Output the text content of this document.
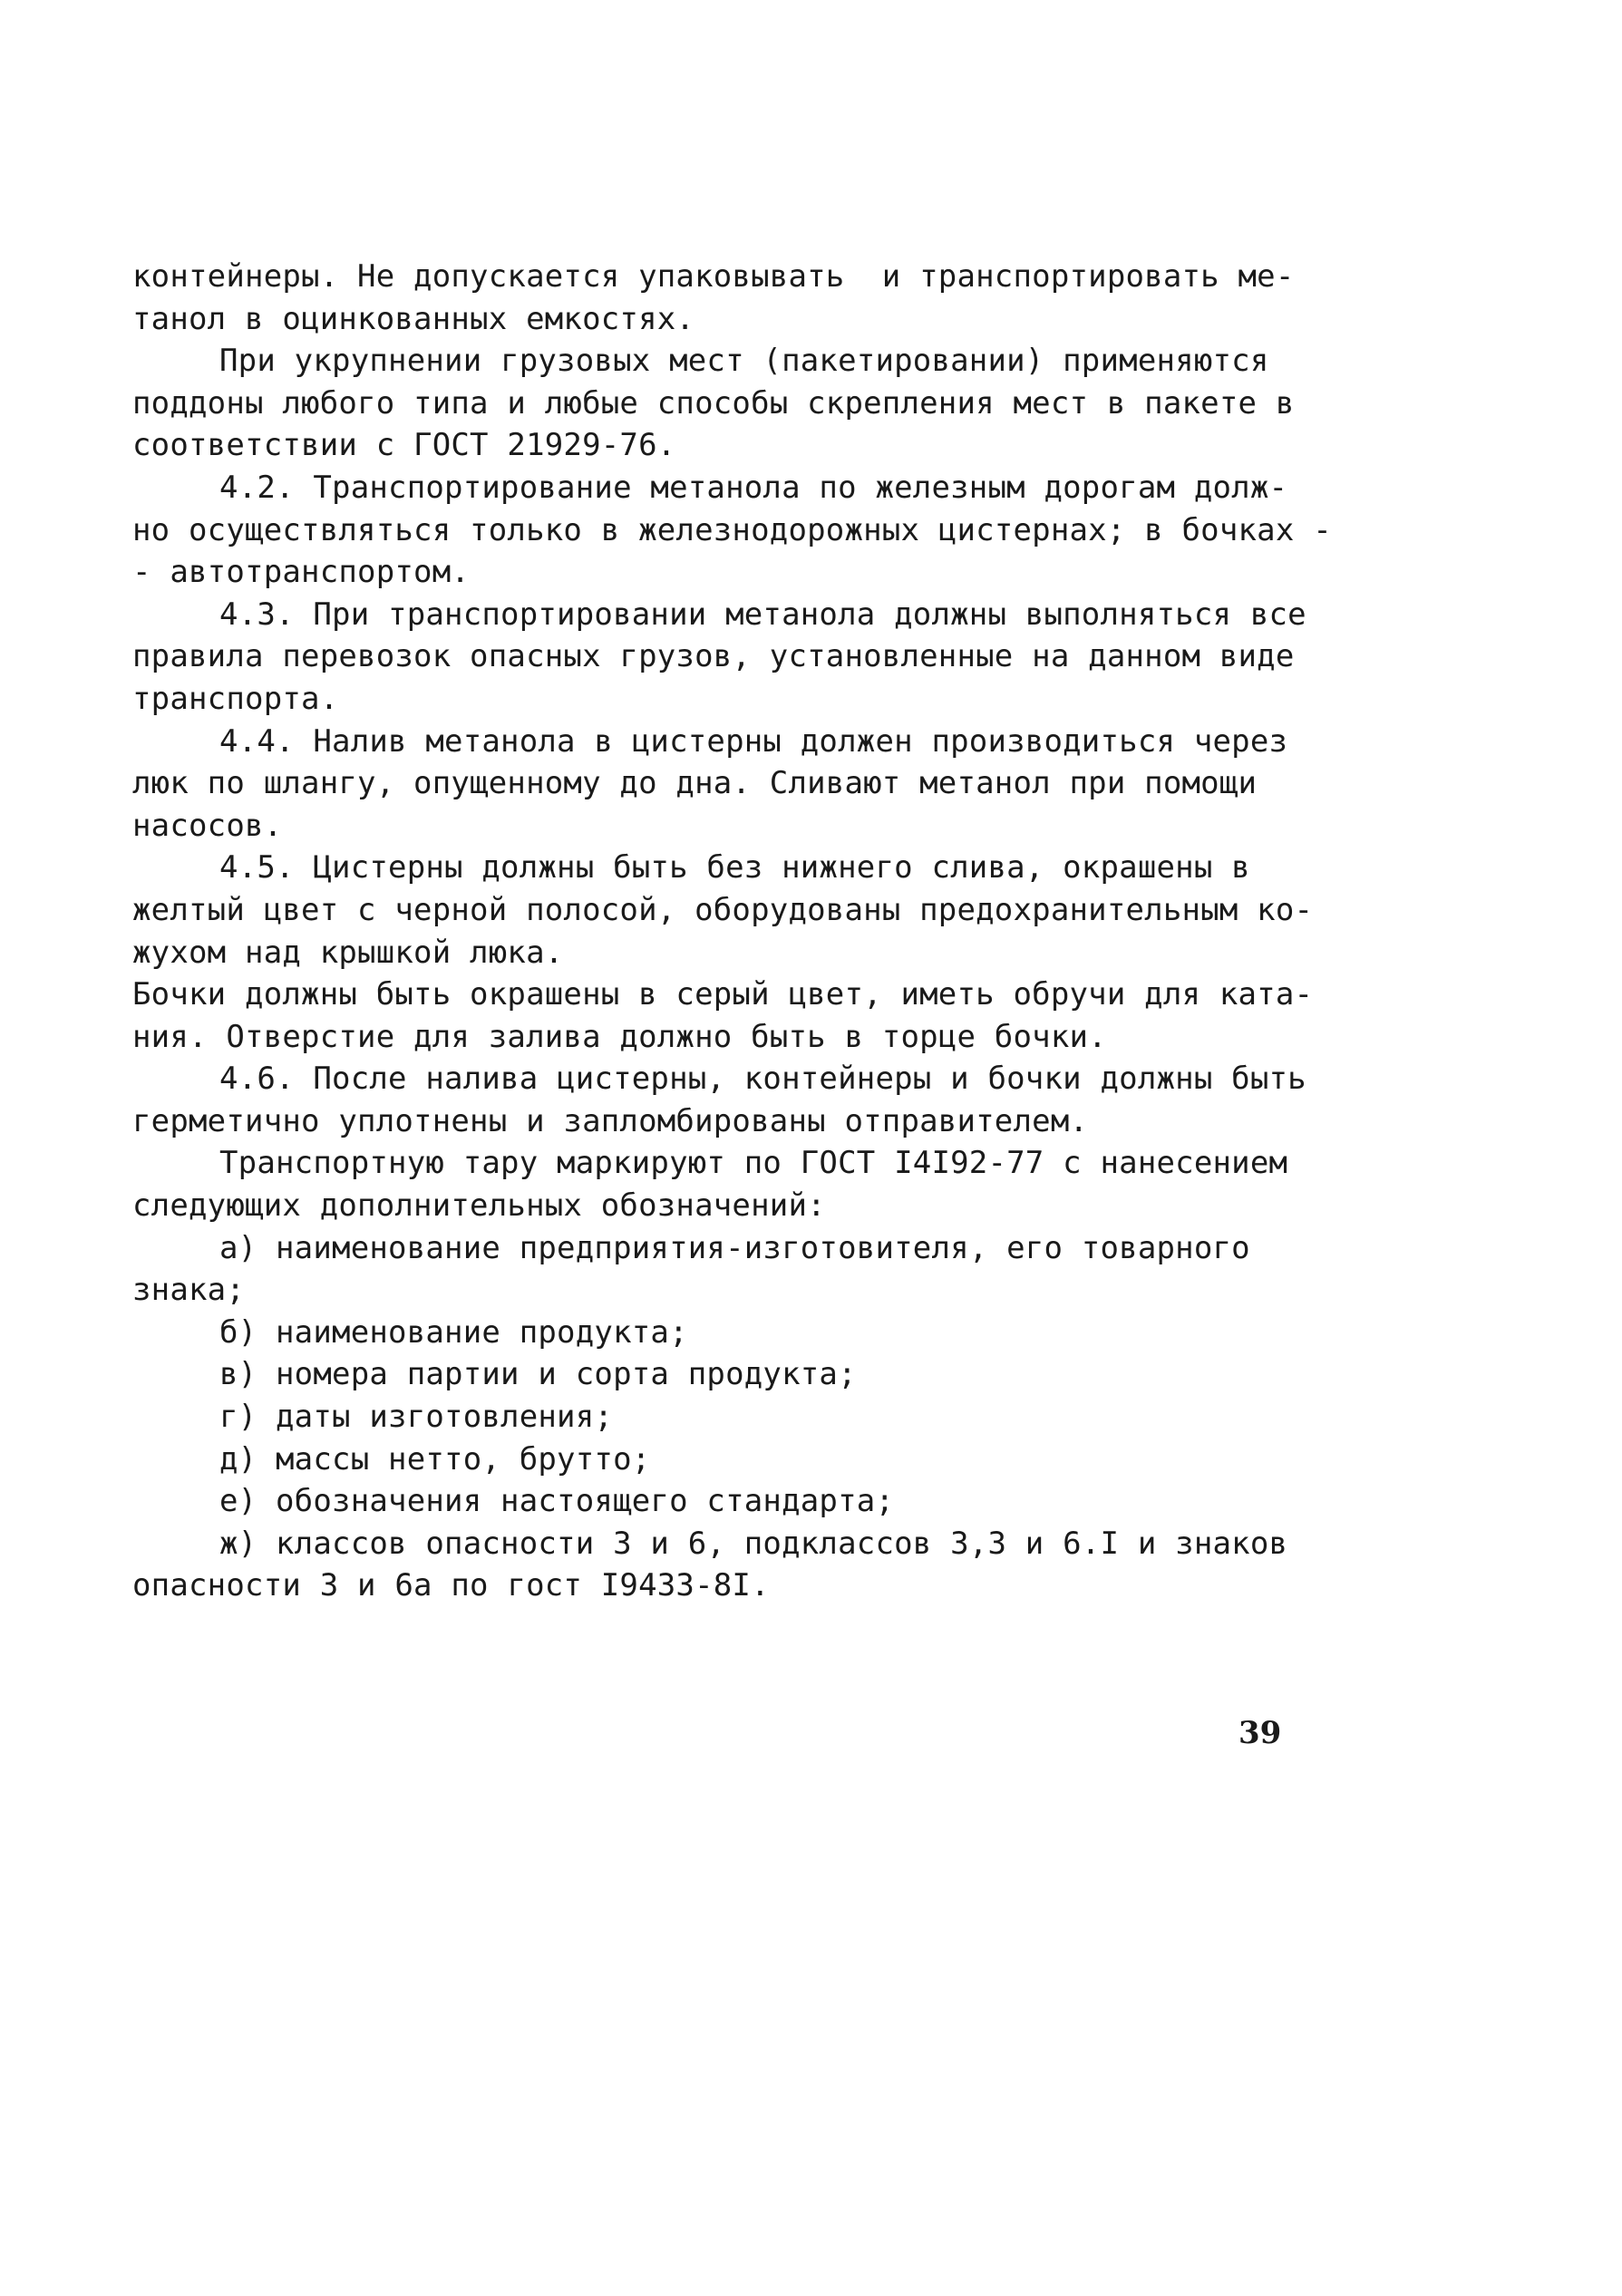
контейнеры. Не допускается упаковывать  и транспортировать ме-
танол в оцинкованных емкостях.
При укрупнении грузовых мест (пакетировании) применяются
поддоны любого типа и любые способы скрепления мест в пакете в
соответствии с ГОСТ 21929-76.
4.2. Транспортирование метанола по железным дорогам долж-
но осуществляться только в железнодорожных цистернах; в бочках -
- автотранспортом.
4.3. При транспортировании метанола должны выполняться все
правила перевозок опасных грузов, установленные на данном виде
транспорта.
4.4. Налив метанола в цистерны должен производиться через
люк по шлангу, опущенному до дна. Сливают метанол при помощи
насосов.
4.5. Цистерны должны быть без нижнего слива, окрашены в
желтый цвет с черной полосой, оборудованы предохранительным ко-
жухом над крышкой люка.
Бочки должны быть окрашены в серый цвет, иметь обручи для ката-
ния. Отверстие для залива должно быть в торце бочки.
4.6. После налива цистерны, контейнеры и бочки должны быть
герметично уплотнены и запломбированы отправителем.
Транспортную тару маркируют по ГОСТ I4I92-77 с нанесением
следующих дополнительных обозначений:
а) наименование предприятия-изготовителя, его товарного
знака;
б) наименование продукта;
в) номера партии и сорта продукта;
г) даты изготовления;
д) массы нетто, брутто;
е) обозначения настоящего стандарта;
ж) классов опасности 3 и 6, подклассов 3,3 и 6.I и знаков
опасности 3 и 6а по гост I9433-8I.
39
